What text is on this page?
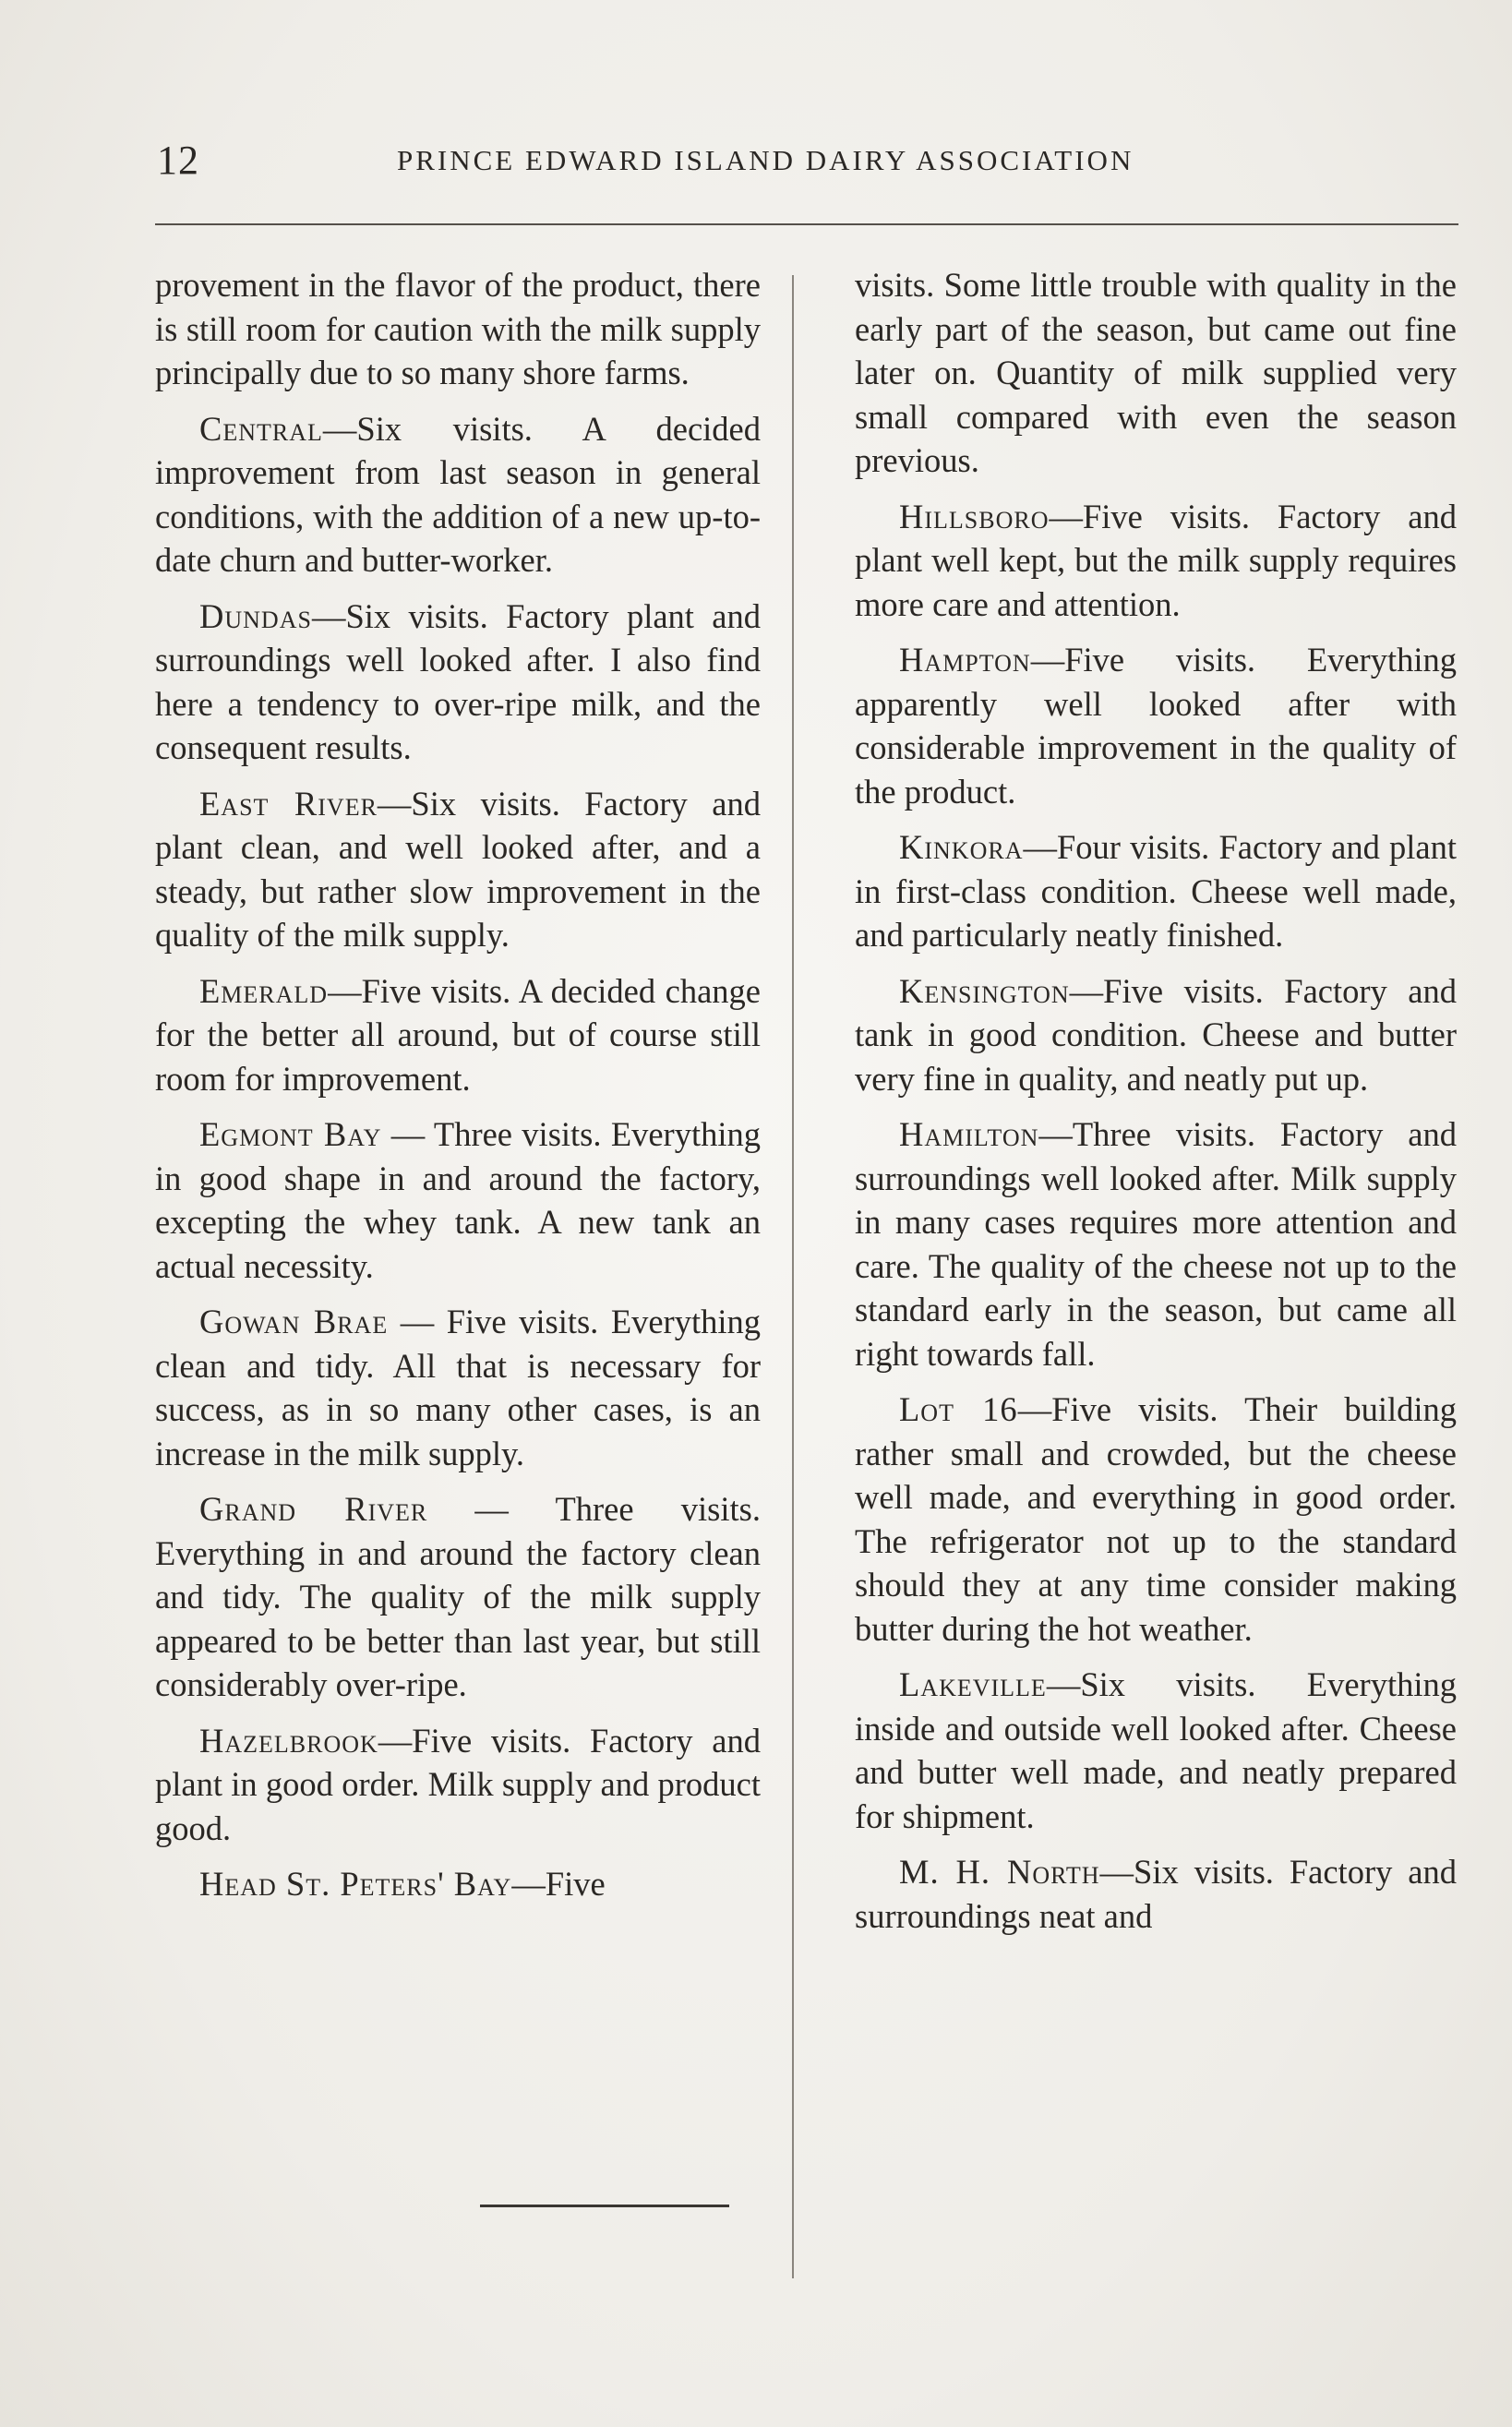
12	PRINCE EDWARD ISLAND DAIRY ASSOCIATION

provement in the flavor of the product, there is still room for caution with the milk supply principally due to so many shore farms.

Central—Six visits. A decided improvement from last season in general conditions, with the addition of a new up-to-date churn and butter-worker.

Dundas—Six visits. Factory plant and surroundings well looked after. I also find here a tendency to over-ripe milk, and the consequent results.

East River—Six visits. Factory and plant clean, and well looked after, and a steady, but rather slow improvement in the quality of the milk supply.

Emerald—Five visits. A decided change for the better all around, but of course still room for improvement.

Egmont Bay — Three visits. Everything in good shape in and around the factory, excepting the whey tank. A new tank an actual necessity.

Gowan Brae — Five visits. Everything clean and tidy. All that is necessary for success, as in so many other cases, is an increase in the milk supply.

Grand River — Three visits. Everything in and around the factory clean and tidy. The quality of the milk supply appeared to be better than last year, but still considerably over-ripe.

Hazelbrook—Five visits. Factory and plant in good order. Milk supply and product good.

Head St. Peters' Bay—Five

visits. Some little trouble with quality in the early part of the season, but came out fine later on. Quantity of milk supplied very small compared with even the season previous.

Hillsboro—Five visits. Factory and plant well kept, but the milk supply requires more care and attention.

Hampton—Five visits. Everything apparently well looked after with considerable improvement in the quality of the product.

Kinkora—Four visits. Factory and plant in first-class condition. Cheese well made, and particularly neatly finished.

Kensington—Five visits. Factory and tank in good condition. Cheese and butter very fine in quality, and neatly put up.

Hamilton—Three visits. Factory and surroundings well looked after. Milk supply in many cases requires more attention and care. The quality of the cheese not up to the standard early in the season, but came all right towards fall.

Lot 16—Five visits. Their building rather small and crowded, but the cheese well made, and everything in good order. The refrigerator not up to the standard should they at any time consider making butter during the hot weather.

Lakeville—Six visits. Everything inside and outside well looked after. Cheese and butter well made, and neatly prepared for shipment.

M. H. North—Six visits. Factory and surroundings neat and
